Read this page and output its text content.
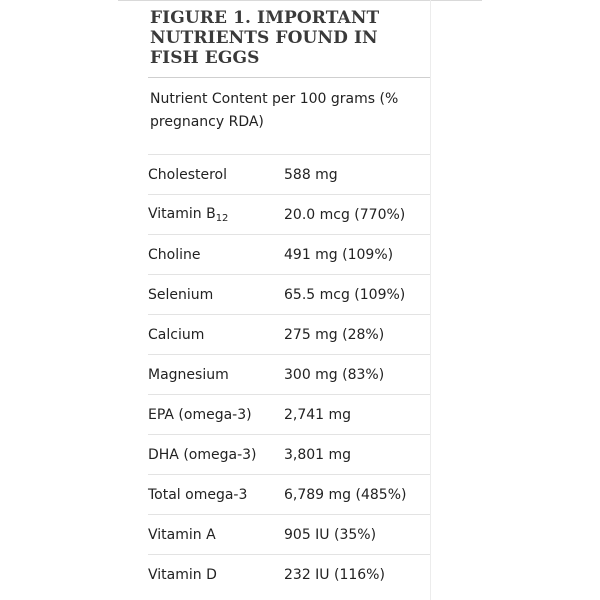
FIGURE 1. IMPORTANT NUTRIENTS FOUND IN FISH EGGS

Nutrient Content per 100 grams (% pregnancy RDA)

Cholesterol	588 mg
Vitamin $B_{12}$	20.0 mcg (770%)
Choline	491 mg (109%)
Selenium	65.5 mcg (109%)
Calcium	275 mg (28%)
Magnesium	300 mg (83%)
EPA (omega-3)	2,741 mg
DHA (omega-3)	3,801 mg
Total omega-3	6,789 mg (485%)
Vitamin A	905 IU (35%)
Vitamin D	232 IU (116%)
